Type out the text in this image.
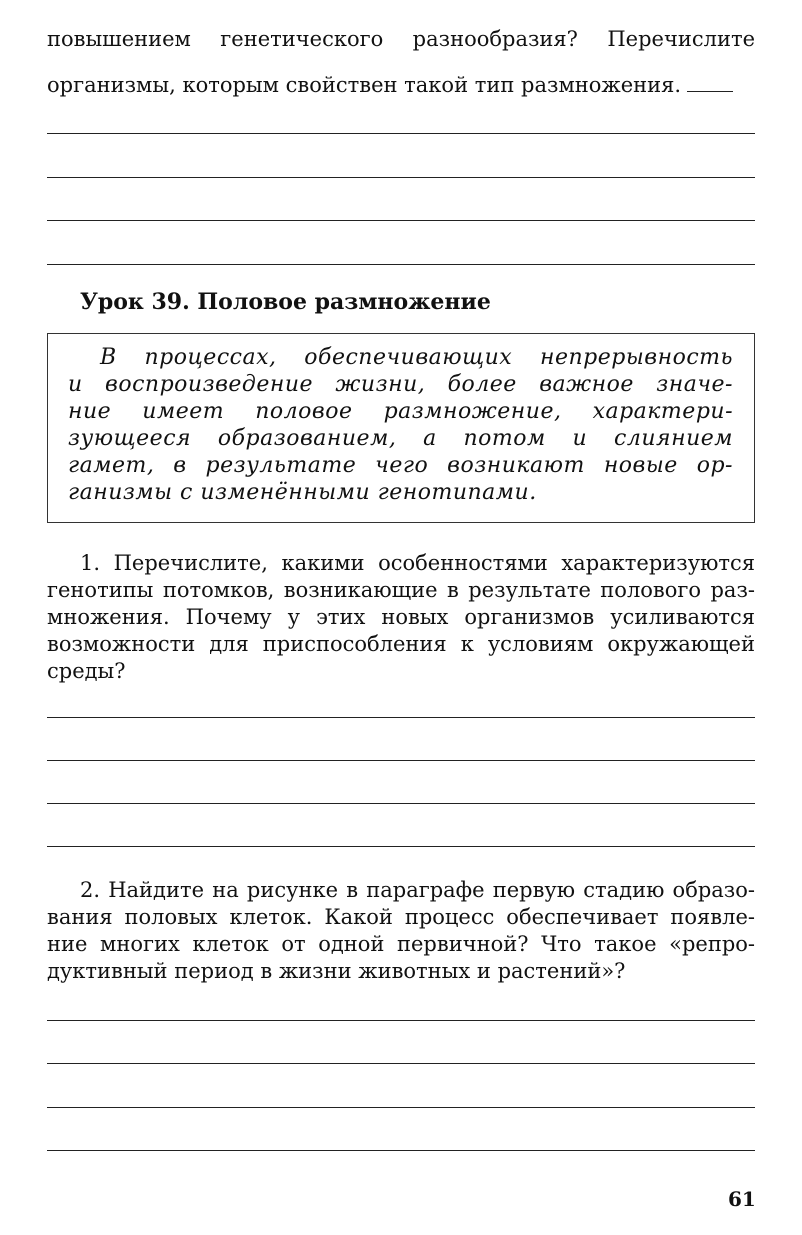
повышением генетического разнообразия? Перечислите
организмы, которым свойствен такой тип размножения.
Урок 39. Половое размножение
В процессах, обеспечивающих непрерывность
и воспроизведение жизни, более важное значе-
ние имеет половое размножение, характери-
зующееся образованием, а потом и слиянием
гамет, в результате чего возникают новые ор-
ганизмы с изменёнными генотипами.
1. Перечислите, какими особенностями характеризуются
генотипы потомков, возникающие в результате полового раз-
множения. Почему у этих новых организмов усиливаются
возможности для приспособления к условиям окружающей
среды?
2. Найдите на рисунке в параграфе первую стадию образо-
вания половых клеток. Какой процесс обеспечивает появле-
ние многих клеток от одной первичной? Что такое «репро-
дуктивный период в жизни животных и растений»?
61
